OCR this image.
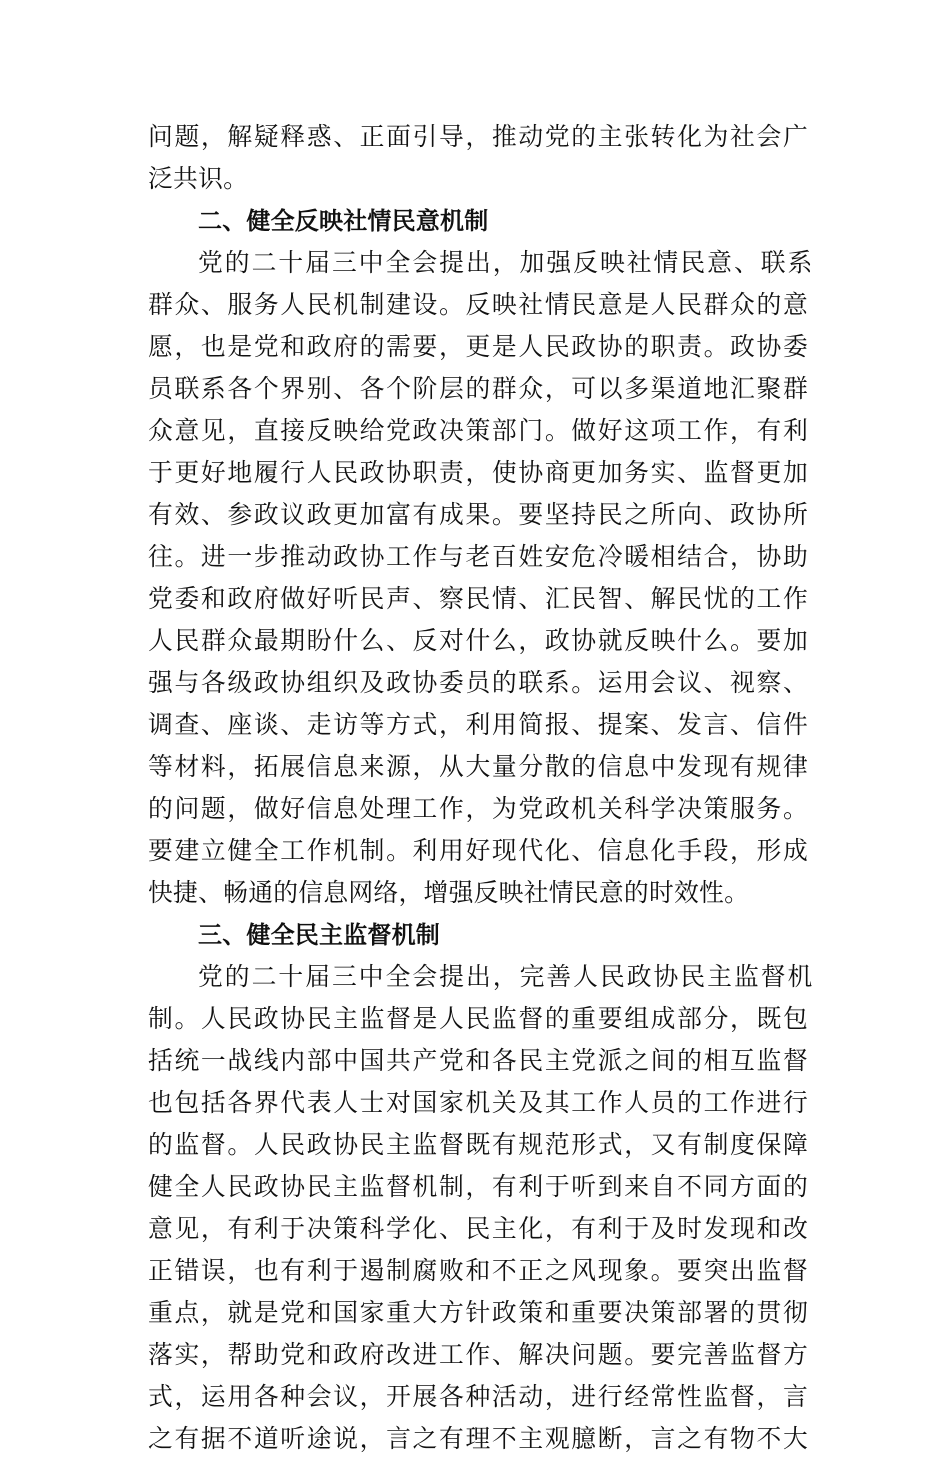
问题，解疑释惑、正面引导，推动党的主张转化为社会广
泛共识。
二、健全反映社情民意机制
党的二十届三中全会提出，加强反映社情民意、联系
群众、服务人民机制建设。反映社情民意是人民群众的意
愿，也是党和政府的需要，更是人民政协的职责。政协委
员联系各个界别、各个阶层的群众，可以多渠道地汇聚群
众意见，直接反映给党政决策部门。做好这项工作，有利
于更好地履行人民政协职责，使协商更加务实、监督更加
有效、参政议政更加富有成果。要坚持民之所向、政协所
往。进一步推动政协工作与老百姓安危冷暖相结合，协助
党委和政府做好听民声、察民情、汇民智、解民忧的工作
人民群众最期盼什么、反对什么，政协就反映什么。要加
强与各级政协组织及政协委员的联系。运用会议、视察、
调查、座谈、走访等方式，利用简报、提案、发言、信件
等材料，拓展信息来源，从大量分散的信息中发现有规律
的问题，做好信息处理工作，为党政机关科学决策服务。
要建立健全工作机制。利用好现代化、信息化手段，形成
快捷、畅通的信息网络，增强反映社情民意的时效性。
三、健全民主监督机制
党的二十届三中全会提出，完善人民政协民主监督机
制。人民政协民主监督是人民监督的重要组成部分，既包
括统一战线内部中国共产党和各民主党派之间的相互监督
也包括各界代表人士对国家机关及其工作人员的工作进行
的监督。人民政协民主监督既有规范形式，又有制度保障
健全人民政协民主监督机制，有利于听到来自不同方面的
意见，有利于决策科学化、民主化，有利于及时发现和改
正错误，也有利于遏制腐败和不正之风现象。要突出监督
重点，就是党和国家重大方针政策和重要决策部署的贯彻
落实，帮助党和政府改进工作、解决问题。要完善监督方
式，运用各种会议，开展各种活动，进行经常性监督，言
之有据不道听途说，言之有理不主观臆断，言之有物不大
